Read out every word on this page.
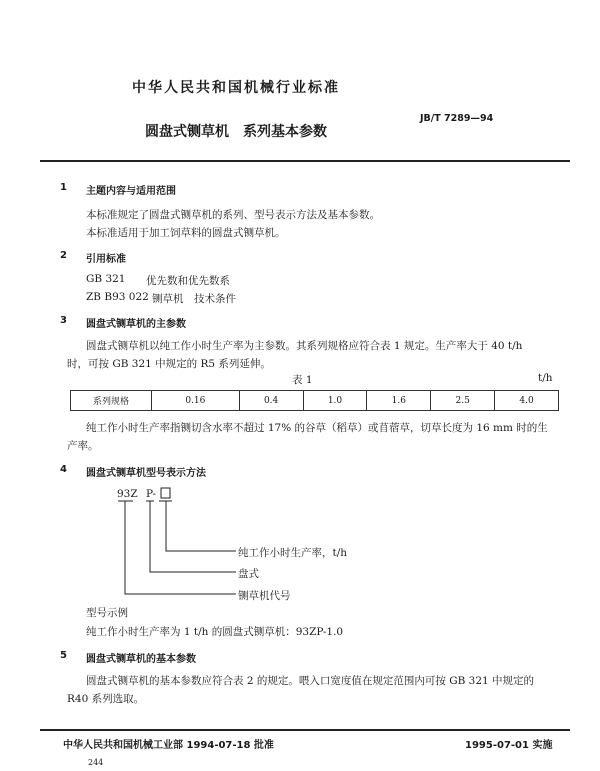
中华人民共和国机械行业标准
圆盘式铡草机　系列基本参数
JB/T 7289—94
1 主题内容与适用范围
本标准规定了圆盘式铡草机的系列、型号表示方法及基本参数。
本标准适用于加工饲草料的圆盘式铡草机。
2 引用标准
GB 321 优先数和优先数系
ZB B93 022 铡草机　技术条件
3 圆盘式铡草机的主参数
圆盘式铡草机以纯工作小时生产率为主参数。其系列规格应符合表 1 规定。生产率大于 40 t/h
时，可按 GB 321 中规定的 R5 系列延伸。
表 1	t/h
系列规格	0.16	0.4	1.0	1.6	2.5	4.0
纯工作小时生产率指铡切含水率不超过 17% 的谷草（稻草）或苜蓿草，切草长度为 16 mm 时的生
产率。
4 圆盘式铡草机型号表示方法
93Z P-
纯工作小时生产率，t/h
盘式
铡草机代号
型号示例
纯工作小时生产率为 1 t/h 的圆盘式铡草机：93ZP-1.0
5 圆盘式铡草机的基本参数
圆盘式铡草机的基本参数应符合表 2 的规定。喂入口宽度值在规定范围内可按 GB 321 中规定的
R40 系列选取。
中华人民共和国机械工业部 1994-07-18 批准	1995-07-01 实施
244
